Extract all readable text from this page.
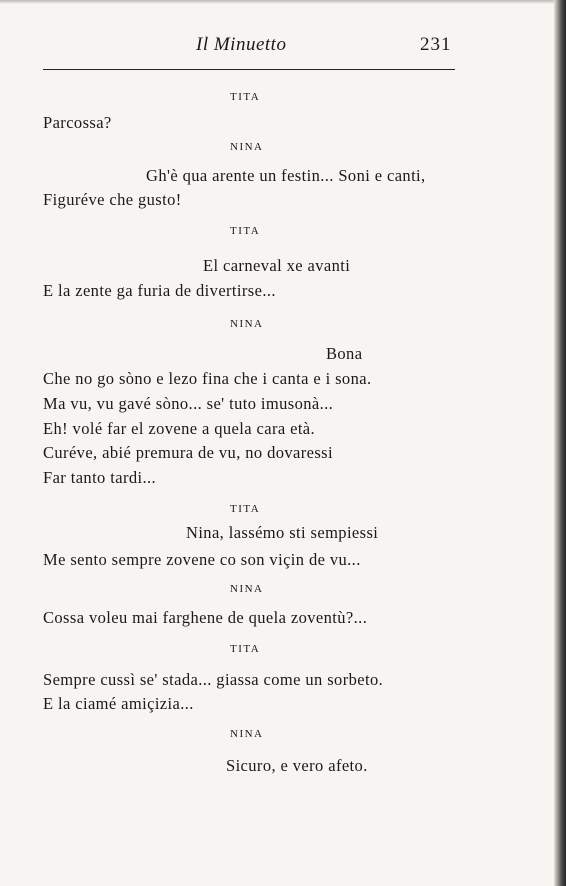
Il Minuetto	231
TITA
Parcossa?
NINA
Gh'è qua arente un festin... Soni e canti,
Figuréve che gusto!
TITA
El carneval xe avanti
E la zente ga furia de divertirse...
NINA
Bona
Che no go sòno e lezo fina che i canta e i sona.
Ma vu, vu gavé sòno... se' tuto imusonà...
Eh! volé far el zovene a quela cara età.
Curéve, abié premura de vu, no dovaressi
Far tanto tardi...
TITA
Nina, lassémo sti sempiessi
Me sento sempre zovene co son viçin de vu...
NINA
Cossa voleu mai farghene de quela zoventù?...
TITA
Sempre cussì se' stada... giassa come un sorbeto.
E la ciamé amiçizia...
NINA
Sicuro, e vero afeto.
